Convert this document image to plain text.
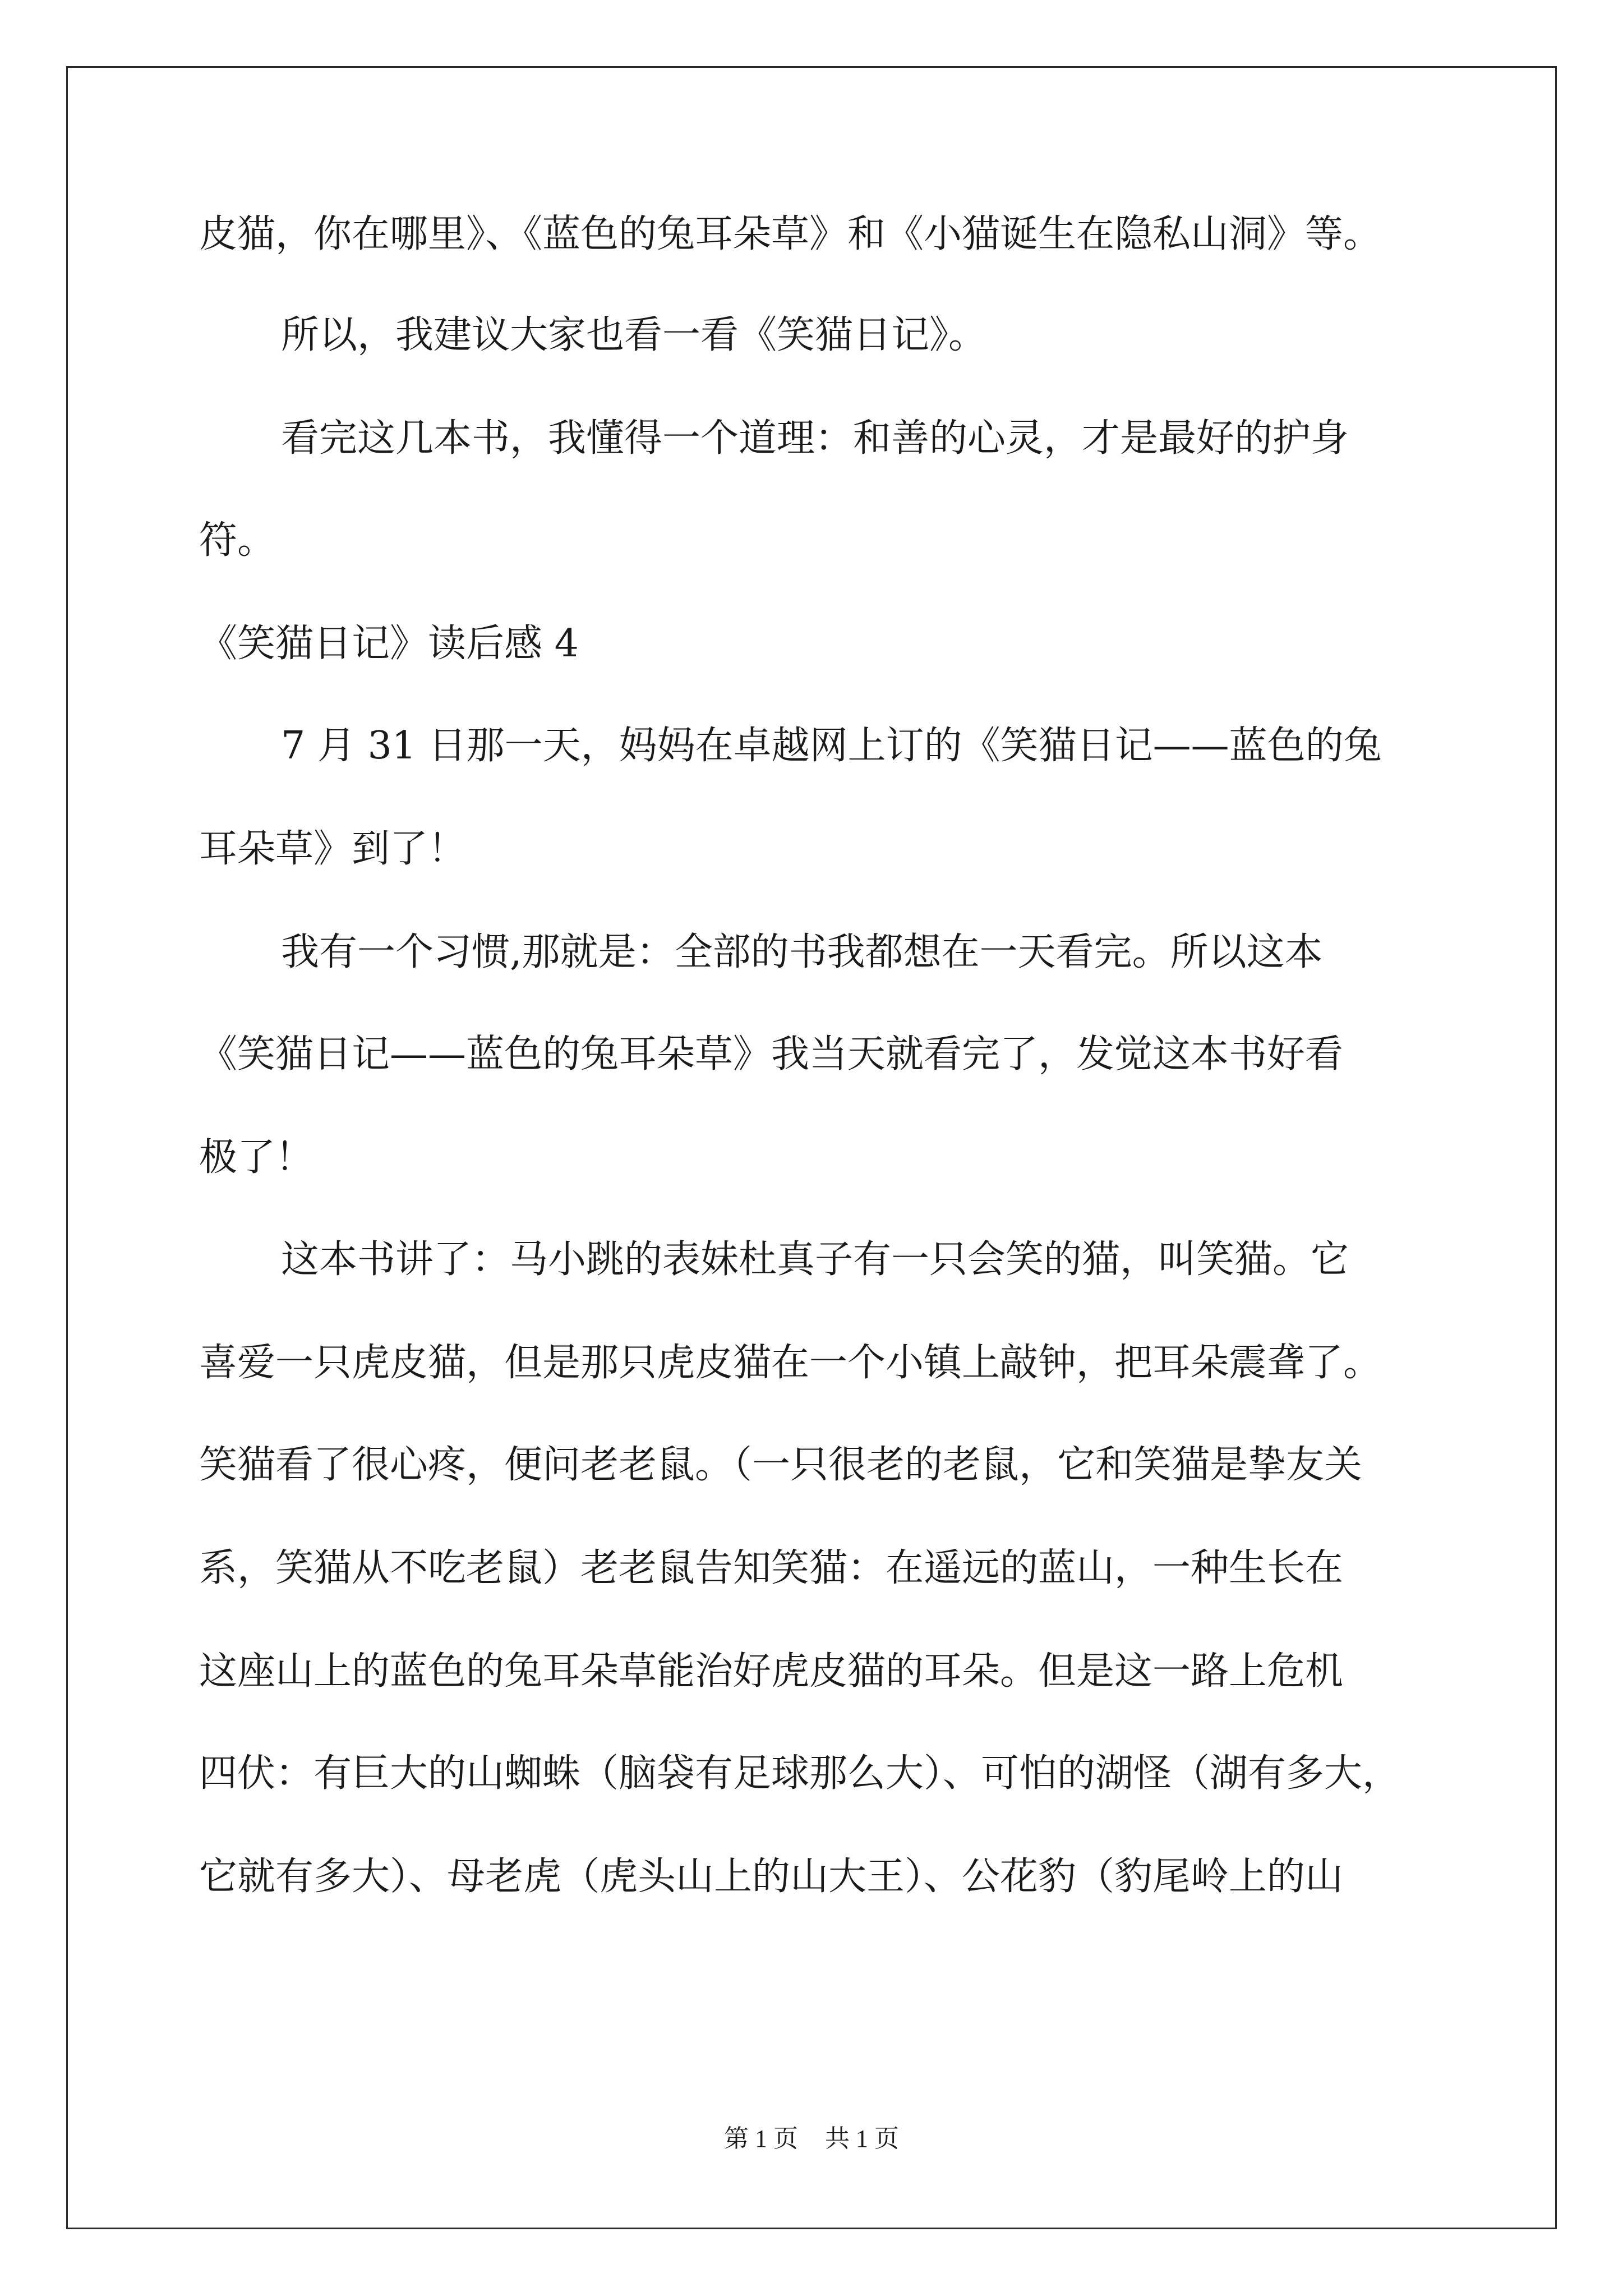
皮猫，你在哪里》、《蓝色的兔耳朵草》和《小猫诞生在隐私山洞》等。
所以，我建议大家也看一看《笑猫日记》。
看完这几本书，我懂得一个道理：和善的心灵，才是最好的护身
符。
《笑猫日记》读后感 4
7 月 31 日那一天，妈妈在卓越网上订的《笑猫日记——蓝色的兔
耳朵草》到了！
我有一个习惯,那就是：全部的书我都想在一天看完。所以这本
《笑猫日记——蓝色的兔耳朵草》我当天就看完了，发觉这本书好看
极了！
这本书讲了：马小跳的表妹杜真子有一只会笑的猫，叫笑猫。它
喜爱一只虎皮猫，但是那只虎皮猫在一个小镇上敲钟，把耳朵震聋了。
笑猫看了很心疼，便问老老鼠。（一只很老的老鼠，它和笑猫是挚友关
系，笑猫从不吃老鼠）老老鼠告知笑猫：在遥远的蓝山，一种生长在
这座山上的蓝色的兔耳朵草能治好虎皮猫的耳朵。但是这一路上危机
四伏：有巨大的山蜘蛛（脑袋有足球那么大）、可怕的湖怪（湖有多大，
它就有多大）、母老虎（虎头山上的山大王）、公花豹（豹尾岭上的山
第 1 页 共 1 页
